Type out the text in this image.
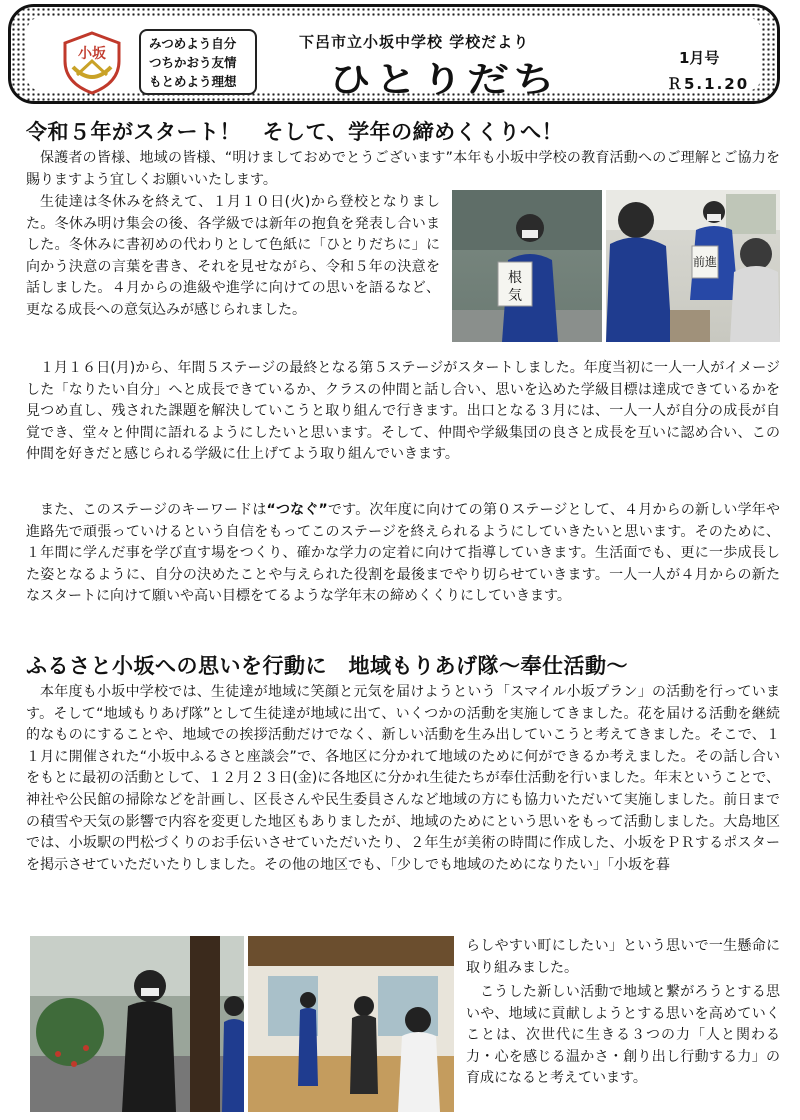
小坂
みつめよう自分
つちかおう友情
もとめよう理想
下呂市立小坂中学校 学校だより
ひとりだち
1月号
Ｒ5.1.20
令和５年がスタート！　そして、学年の締めくくりへ！

保護者の皆様、地域の皆様、“明けましておめでとうございます”本年も小坂中学校の教育活動へのご理解とご協力を賜りますよう宜しくお願いいたします。

生徒達は冬休みを終えて、１月１０日(火)から登校となりました。冬休み明け集会の後、各学級では新年の抱負を発表し合いました。冬休みに書初めの代わりとして色紙に「ひとりだちに」に向かう決意の言葉を書き、それを見せながら、令和５年の決意を話しました。４月からの進級や進学に向けての思いを語るなど、更なる成長への意気込みが感じられました。

根
気
前進

１月１６日(月)から、年間５ステージの最終となる第５ステージがスタートしました。年度当初に一人一人がイメージした「なりたい自分」へと成長できているか、クラスの仲間と話し合い、思いを込めた学級目標は達成できているかを見つめ直し、残された課題を解決していこうと取り組んで行きます。出口となる３月には、一人一人が自分の成長が自覚でき、堂々と仲間に語れるようにしたいと思います。そして、仲間や学級集団の良さと成長を互いに認め合い、この仲間を好きだと感じられる学級に仕上げてよう取り組んでいきます。

また、このステージのキーワードは“つなぐ”です。次年度に向けての第０ステージとして、４月からの新しい学年や進路先で頑張っていけるという自信をもってこのステージを終えられるようにしていきたいと思います。そのために、１年間に学んだ事を学び直す場をつくり、確かな学力の定着に向けて指導していきます。生活面でも、更に一歩成長した姿となるように、自分の決めたことや与えられた役割を最後までやり切らせていきます。一人一人が４月からの新たなスタートに向けて願いや高い目標をてるような学年末の締めくくりにしていきます。

ふるさと小坂への思いを行動に　地域もりあげ隊～奉仕活動～

本年度も小坂中学校では、生徒達が地域に笑顔と元気を届けようという「スマイル小坂プラン」の活動を行っています。そして“地域もりあげ隊”として生徒達が地域に出て、いくつかの活動を実施してきました。花を届ける活動を継続的なものにすることや、地域での挨拶活動だけでなく、新しい活動を生み出していこうと考えてきました。そこで、１１月に開催された“小坂中ふるさと座談会”で、各地区に分かれて地域のために何ができるか考えました。その話し合いをもとに最初の活動として、１２月２３日(金)に各地区に分かれ生徒たちが奉仕活動を行いました。年末ということで、神社や公民館の掃除などを計画し、区長さんや民生委員さんなど地域の方にも協力いただいて実施しました。前日までの積雪や天気の影響で内容を変更した地区もありましたが、地域のためにという思いをもって活動しました。大島地区では、小坂駅の門松づくりのお手伝いさせていただいたり、２年生が美術の時間に作成した、小坂をＰＲするポスターを掲示させていただいたりしました。その他の地区でも、「少しでも地域のためになりたい」「小坂を暮

らしやすい町にしたい」という思いで一生懸命に取り組みました。

こうした新しい活動で地域と繋がろうとする思いや、地域に貢献しようとする思いを高めていくことは、次世代に生きる３つの力「人と関わる力・心を感じる温かさ・創り出し行動する力」の育成になると考えています。
